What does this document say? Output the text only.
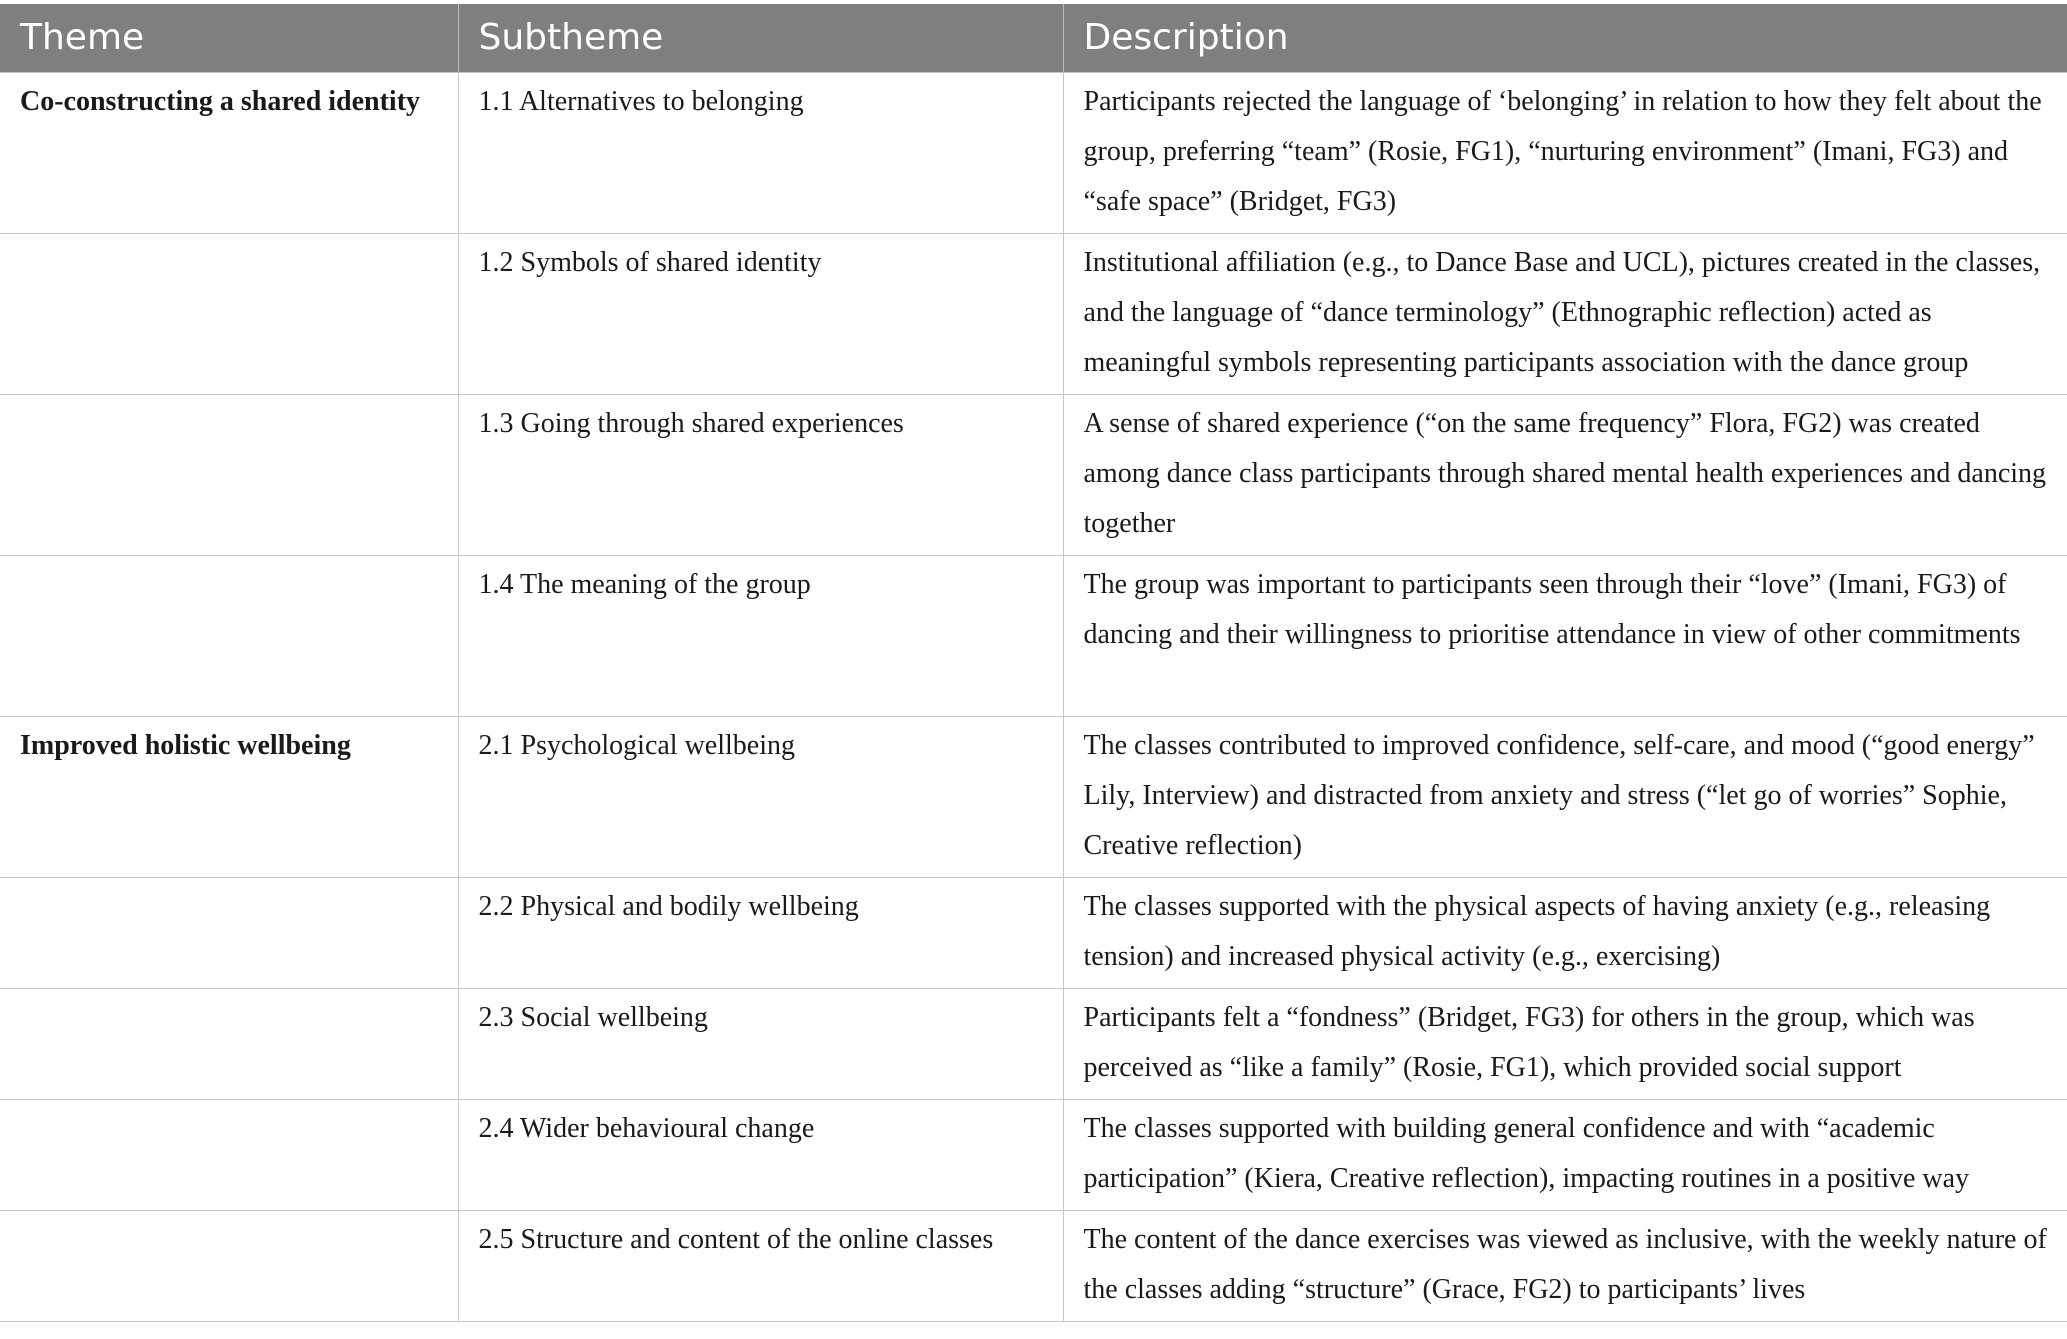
Theme	Subtheme	Description
Co-constructing a shared identity	1.1 Alternatives to belonging	Participants rejected the language of ‘belonging’ in relation to how they felt about the group, preferring “team” (Rosie, FG1), “nurturing environment” (Imani, FG3) and “safe space” (Bridget, FG3)
	1.2 Symbols of shared identity	Institutional affiliation (e.g., to Dance Base and UCL), pictures created in the classes, and the language of “dance terminology” (Ethnographic reflection) acted as meaningful symbols representing participants association with the dance group
	1.3 Going through shared experiences	A sense of shared experience (“on the same frequency” Flora, FG2) was created among dance class participants through shared mental health experiences and dancing together
	1.4 The meaning of the group	The group was important to participants seen through their “love” (Imani, FG3) of dancing and their willingness to prioritise attendance in view of other commitments
Improved holistic wellbeing	2.1 Psychological wellbeing	The classes contributed to improved confidence, self-care, and mood (“good energy” Lily, Interview) and distracted from anxiety and stress (“let go of worries” Sophie, Creative reflection)
	2.2 Physical and bodily wellbeing	The classes supported with the physical aspects of having anxiety (e.g., releasing tension) and increased physical activity (e.g., exercising)
	2.3 Social wellbeing	Participants felt a “fondness” (Bridget, FG3) for others in the group, which was perceived as “like a family” (Rosie, FG1), which provided social support
	2.4 Wider behavioural change	The classes supported with building general confidence and with “academic participation” (Kiera, Creative reflection), impacting routines in a positive way
	2.5 Structure and content of the online classes	The content of the dance exercises was viewed as inclusive, with the weekly nature of the classes adding “structure” (Grace, FG2) to participants’ lives
